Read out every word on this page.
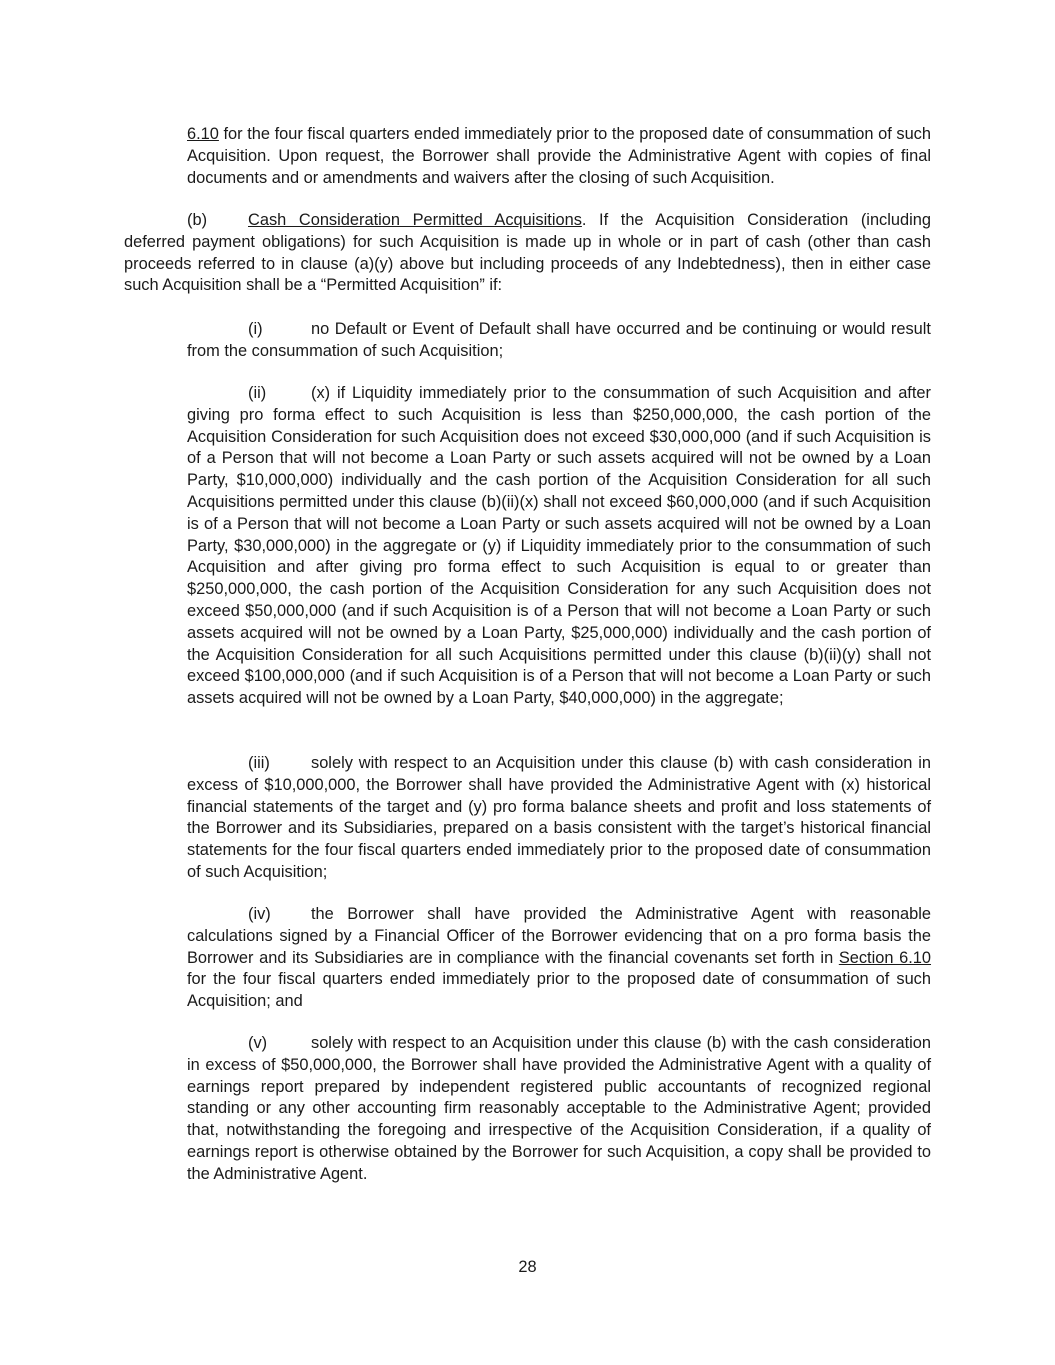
6.10 for the four fiscal quarters ended immediately prior to the proposed date of consummation of such Acquisition. Upon request, the Borrower shall provide the Administrative Agent with copies of final documents and or amendments and waivers after the closing of such Acquisition.

(b) Cash Consideration Permitted Acquisitions. If the Acquisition Consideration (including deferred payment obligations) for such Acquisition is made up in whole or in part of cash (other than cash proceeds referred to in clause (a)(y) above but including proceeds of any Indebtedness), then in either case such Acquisition shall be a “Permitted Acquisition” if:

(i)	no Default or Event of Default shall have occurred and be continuing or would result from the consummation of such Acquisition;

(ii)	(x) if Liquidity immediately prior to the consummation of such Acquisition and after giving pro forma effect to such Acquisition is less than $250,000,000, the cash portion of the Acquisition Consideration for such Acquisition does not exceed $30,000,000 (and if such Acquisition is of a Person that will not become a Loan Party or such assets acquired will not be owned by a Loan Party, $10,000,000) individually and the cash portion of the Acquisition Consideration for all such Acquisitions permitted under this clause (b)(ii)(x) shall not exceed $60,000,000 (and if such Acquisition is of a Person that will not become a Loan Party or such assets acquired will not be owned by a Loan Party, $30,000,000) in the aggregate or (y) if Liquidity immediately prior to the consummation of such Acquisition and after giving pro forma effect to such Acquisition is equal to or greater than $250,000,000, the cash portion of the Acquisition Consideration for any such Acquisition does not exceed $50,000,000 (and if such Acquisition is of a Person that will not become a Loan Party or such assets acquired will not be owned by a Loan Party, $25,000,000) individually and the cash portion of the Acquisition Consideration for all such Acquisitions permitted under this clause (b)(ii)(y) shall not exceed $100,000,000 (and if such Acquisition is of a Person that will not become a Loan Party or such assets acquired will not be owned by a Loan Party, $40,000,000) in the aggregate;

(iii)	solely with respect to an Acquisition under this clause (b) with cash consideration in excess of $10,000,000, the Borrower shall have provided the Administrative Agent with (x) historical financial statements of the target and (y) pro forma balance sheets and profit and loss statements of the Borrower and its Subsidiaries, prepared on a basis consistent with the target’s historical financial statements for the four fiscal quarters ended immediately prior to the proposed date of consummation of such Acquisition;

(iv) the Borrower shall have provided the Administrative Agent with reasonable calculations signed by a Financial Officer of the Borrower evidencing that on a pro forma basis the Borrower and its Subsidiaries are in compliance with the financial covenants set forth in Section 6.10 for the four fiscal quarters ended immediately prior to the proposed date of consummation of such Acquisition; and

(v)	solely with respect to an Acquisition under this clause (b) with the cash consideration in excess of $50,000,000, the Borrower shall have provided the Administrative Agent with a quality of earnings report prepared by independent registered public accountants of recognized regional standing or any other accounting firm reasonably acceptable to the Administrative Agent; provided that, notwithstanding the foregoing and irrespective of the Acquisition Consideration, if a quality of earnings report is otherwise obtained by the Borrower for such Acquisition, a copy shall be provided to the Administrative Agent.

28
